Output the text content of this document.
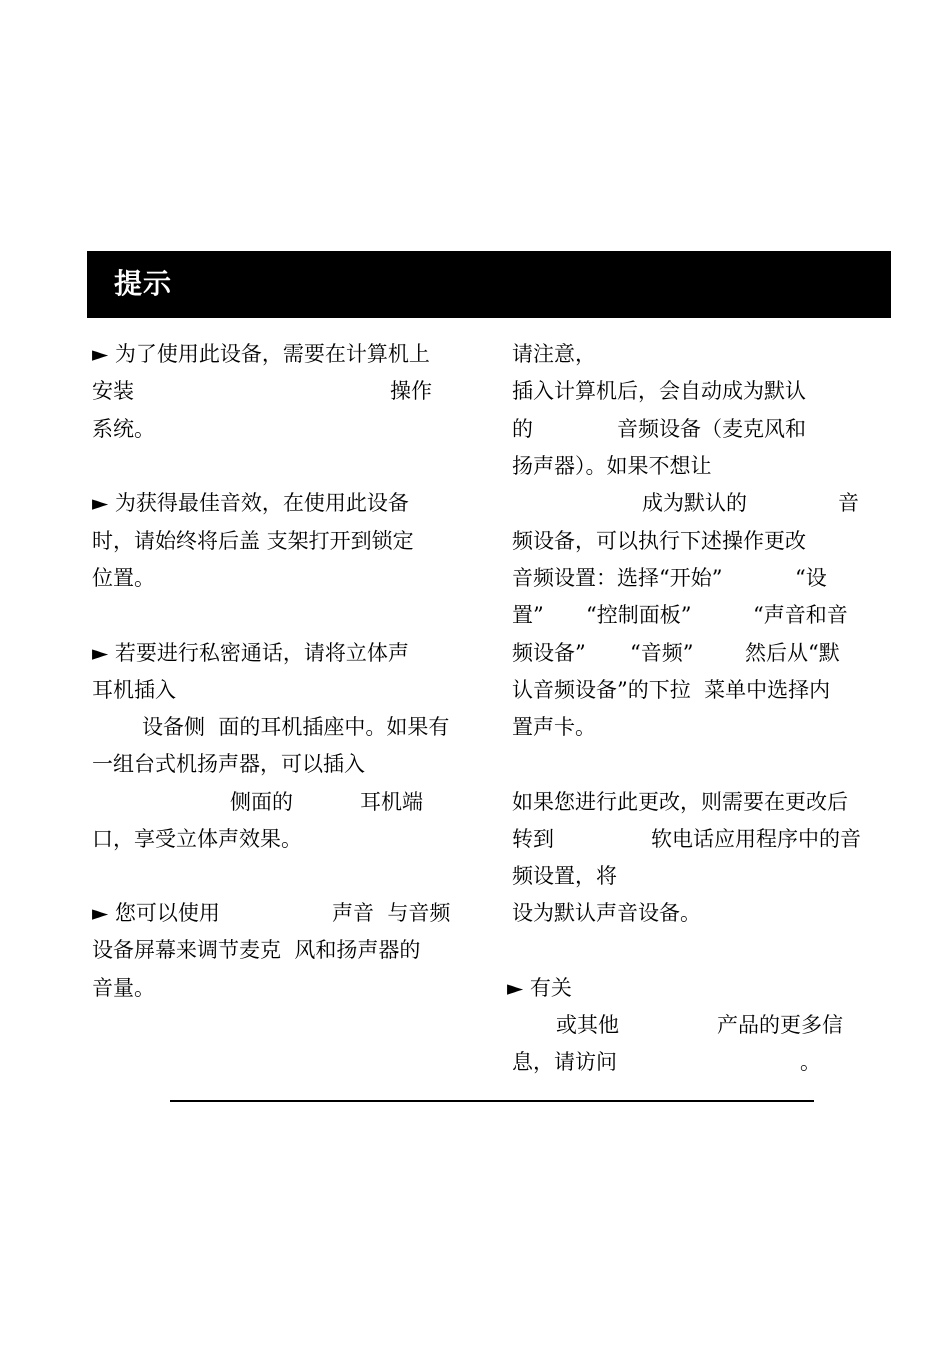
提示

► 为了使用此设备，需要在计算机上

安装	操作

系统。

► 为获得最佳音效，在使用此设备

时，请始终将后盖 支架打开到锁定

位置。

► 若要进行私密通话，请将立体声

耳机插入

设备侧  面的耳机插座中。如果有

一组台式机扬声器，可以插入

侧面的	耳机端

口，享受立体声效果。

► 您可以使用	声音  与音频

设备屏幕来调节麦克  风和扬声器的

音量。

请注意，

插入计算机后，会自动成为默认

的	音频设备（麦克风和

扬声器）。如果不想让

成为默认的	音

频设备，可以执行下述操作更改

音频设置：选择“开始”	“设

置” “控制面板”	“声音和音

频设备” “音频” 然后从“默

认音频设备”的下拉  菜单中选择内

置声卡。

如果您进行此更改，则需要在更改后

转到	软电话应用程序中的音

频设置，将

设为默认声音设备。

► 有关

或其他	产品的更多信

息，请访问	。
